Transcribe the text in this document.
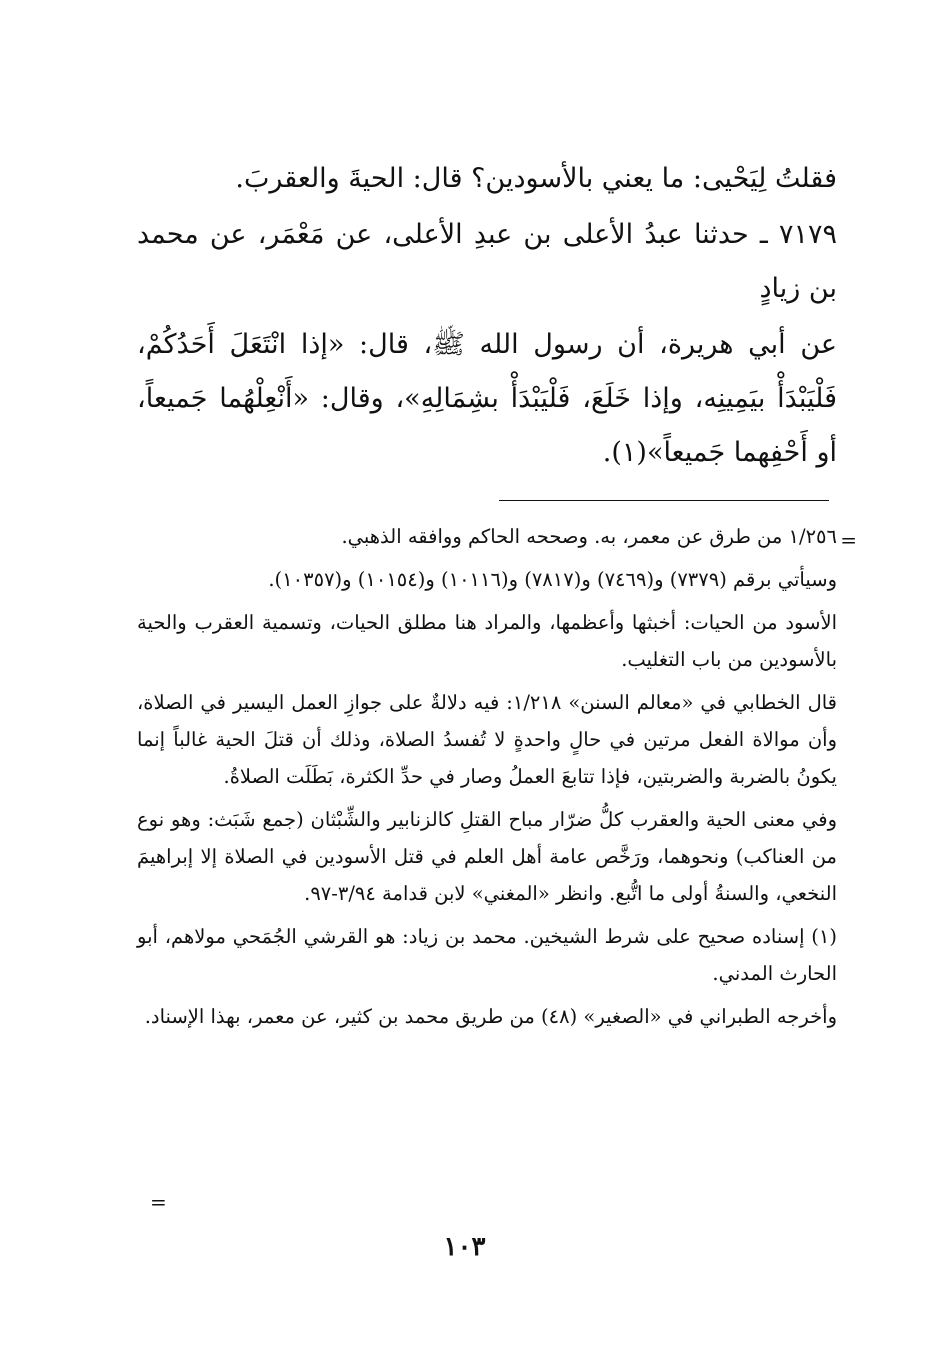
فقلتُ لِيَحْيى: ما يعني بالأسودين؟ قال: الحيةَ والعقربَ.

٧١٧٩ ـ حدثنا عبدُ الأعلى بن عبدِ الأعلى، عن مَعْمَر، عن محمد بن زيادٍ

عن أبي هريرة، أن رسول الله ﷺ، قال: «إذا انْتَعَلَ أَحَدُكُمْ، فَلْيَبْدَأْ بيَمِينِه، وإذا خَلَعَ، فَلْيَبْدَأْ بشِمَالِهِ»، وقال: «أَنْعِلْهُما جَميعاً، أو أَحْفِهما جَميعاً»(١).

=

١/٢٥٦ من طرق عن معمر، به. وصححه الحاكم ووافقه الذهبي.

وسيأتي برقم (٧٣٧٩) و(٧٤٦٩) و(٧٨١٧) و(١٠١١٦) و(١٠١٥٤) و(١٠٣٥٧).

الأسود من الحيات: أخبثها وأعظمها، والمراد هنا مطلق الحيات، وتسمية العقرب والحية بالأسودين من باب التغليب.

قال الخطابي في «معالم السنن» ١/٢١٨: فيه دلالةٌ على جوازِ العمل اليسير في الصلاة، وأن موالاة الفعل مرتين في حالٍ واحدةٍ لا تُفسدُ الصلاة، وذلك أن قتلَ الحية غالباً إنما يكونُ بالضربة والضربتين، فإذا تتابعَ العملُ وصار في حدِّ الكثرة، بَطَلَت الصلاةُ.

وفي معنى الحية والعقرب كلُّ ضرّار مباح القتلِ كالزنابير والشِّبْثان (جمع شَبَث: وهو نوع من العناكب) ونحوهما، ورَخَّص عامة أهل العلم في قتل الأسودين في الصلاة إلا إبراهيمَ النخعي، والسنةُ أولى ما اتُّبع. وانظر «المغني» لابن قدامة ٣/٩٤-٩٧.

(١) إسناده صحيح على شرط الشيخين. محمد بن زياد: هو القرشي الجُمَحي مولاهم، أبو الحارث المدني.

وأخرجه الطبراني في «الصغير» (٤٨) من طريق محمد بن كثير، عن معمر، بهذا الإسناد.

=
١٠٣
